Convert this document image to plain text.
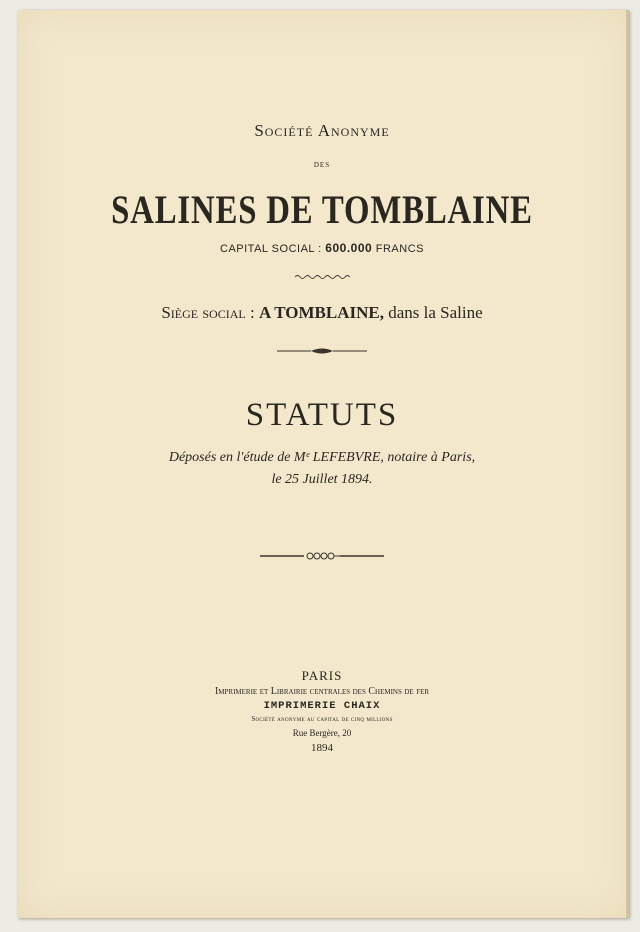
Société Anonyme
des
SALINES DE TOMBLAINE
CAPITAL SOCIAL : 600.000 FRANCS
Siège social : A TOMBLAINE, dans la Saline
STATUTS
Déposés en l'étude de Mᵉ LEFEBVRE, notaire à Paris,
le 25 Juillet 1894.
PARIS
Imprimerie et Librairie centrales des Chemins de fer
IMPRIMERIE CHAIX
Société anonyme au capital de cinq millions
Rue Bergère, 20
1894
